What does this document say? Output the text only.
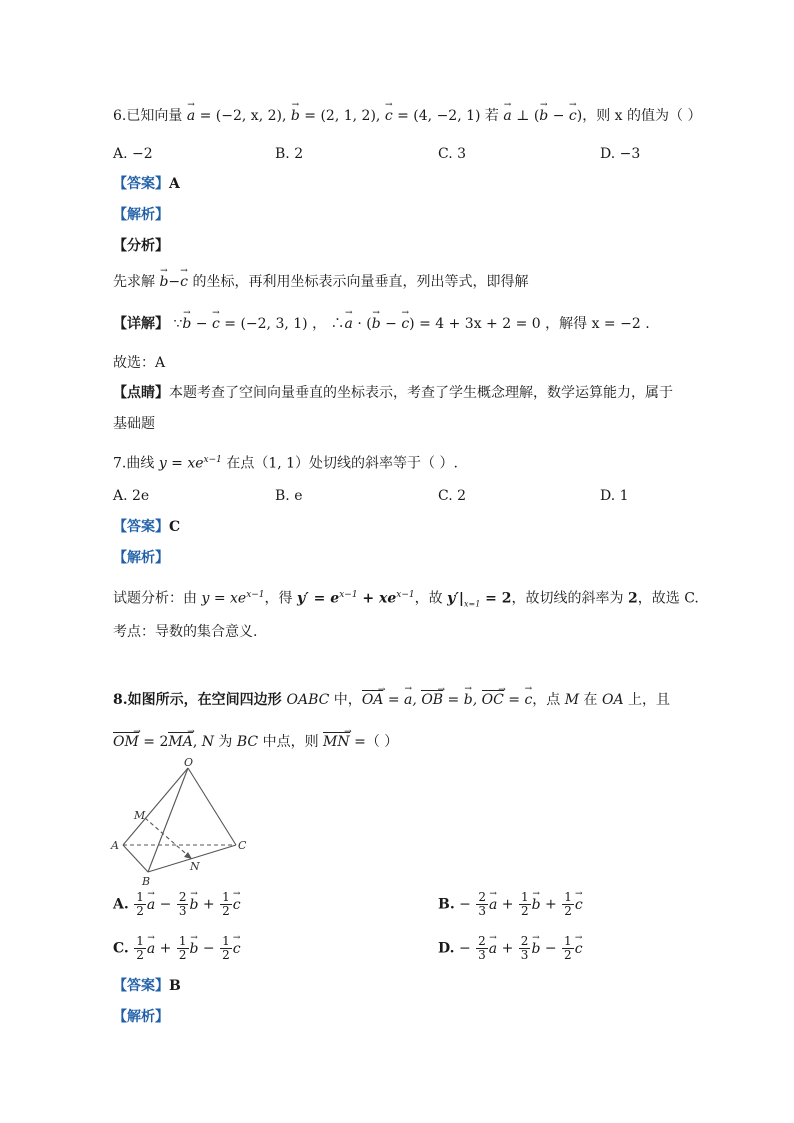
6.已知向量 → a = (−2, x, 2), → b = (2, 1, 2), → c = (4, −2, 1) 若 → a ⊥ (→ b − → c)，则 x 的值为（ ）
A. −2	B. 2	C. 3	D. −3
【答案】A
【解析】
【分析】
先求解 → b−→ c 的坐标，再利用坐标表示向量垂直，列出等式，即得解
【详解】 ∵→ b − → c = (−2, 3, 1) ， ∴→ a · (→ b − → c) = 4 + 3x + 2 = 0 ，解得 x = −2 .
故选：A
【点睛】本题考查了空间向量垂直的坐标表示，考查了学生概念理解，数学运算能力，属于
基础题
7.曲线 $y = xe^{x-1}$ 在点（1, 1）处切线的斜率等于（ ）.
A. 2e	B. e	C. 2	D. 1
【答案】C
【解析】
试题分析：由 $y = xe^{x-1}$，得 $y' = e^{x-1} + xe^{x-1}$，故 $y'|_{x=1} = 2$，故切线的斜率为 2，故选 C.
考点：导数的集合意义.
8.如图所示，在空间四边形 OABC 中，OA → = → a, OB → = → b, OC → = → c，点 M 在 OA 上，且
OM → = 2MA →, N 为 BC 中点，则 MN → =（ ）
O
M
A
B
N
C
A. $\frac{1}{2}$
→ $a - \frac{2}{3}$
→ $b + \frac{1}{2}$
→ c	B. − $\frac{2}{3}$
→ $a + \frac{1}{2}$
→ $b + \frac{1}{2}$
→ c
C. $\frac{1}{2}$
→ $a + \frac{1}{2}$
→ $b - \frac{1}{2}$
→ c	D. − $\frac{2}{3}$
→ $a + \frac{2}{3}$
→ $b - \frac{1}{2}$
→ c
【答案】B
【解析】
